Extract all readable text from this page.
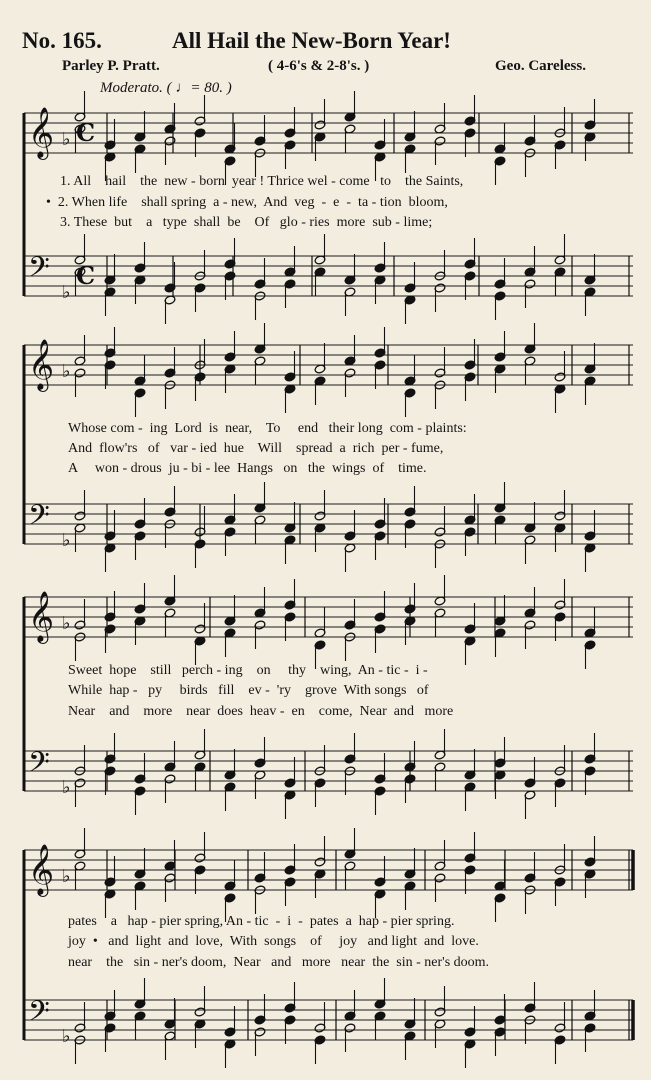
No. 165.	All Hail the New-Born Year!
Parley P. Pratt.	( 4-6's & 2-8's. )	Geo. Careless.
Moderato. ( ♩= 80. )
𝄞 ♭ C
𝄢
♭
C
𝄞 ♭
𝄢
♭
𝄞 ♭
𝄢
♭
𝄞 ♭
𝄢
♭
1. All    hail    the  new - born  year ! Thrice wel - come   to    the Saints,
•  2. When life    shall spring  a - new,  And  veg  -  e  -  ta - tion  bloom,
3. These  but    a   type  shall  be    Of   glo - ries  more  sub - lime;
Whose com -  ing  Lord  is  near,    To     end   their long  com - plaints:
And  flow'rs   of   var - ied  hue    Will    spread  a  rich  per - fume,
A     won - drous  ju - bi - lee  Hangs   on   the  wings  of    time.
Sweet  hope    still   perch - ing    on     thy    wing,  An - tic -  i -
While  hap -   py     birds   fill    ev -  'ry    grove  With songs   of
Near    and    more    near  does  heav -  en    come,  Near  and   more
pates    a   hap - pier spring, An - tic  -  i  -  pates  a  hap - pier spring.
joy  •   and  light  and  love,  With  songs    of     joy   and light  and  love.
near    the   sin - ner's doom,  Near   and   more   near  the  sin - ner's doom.
